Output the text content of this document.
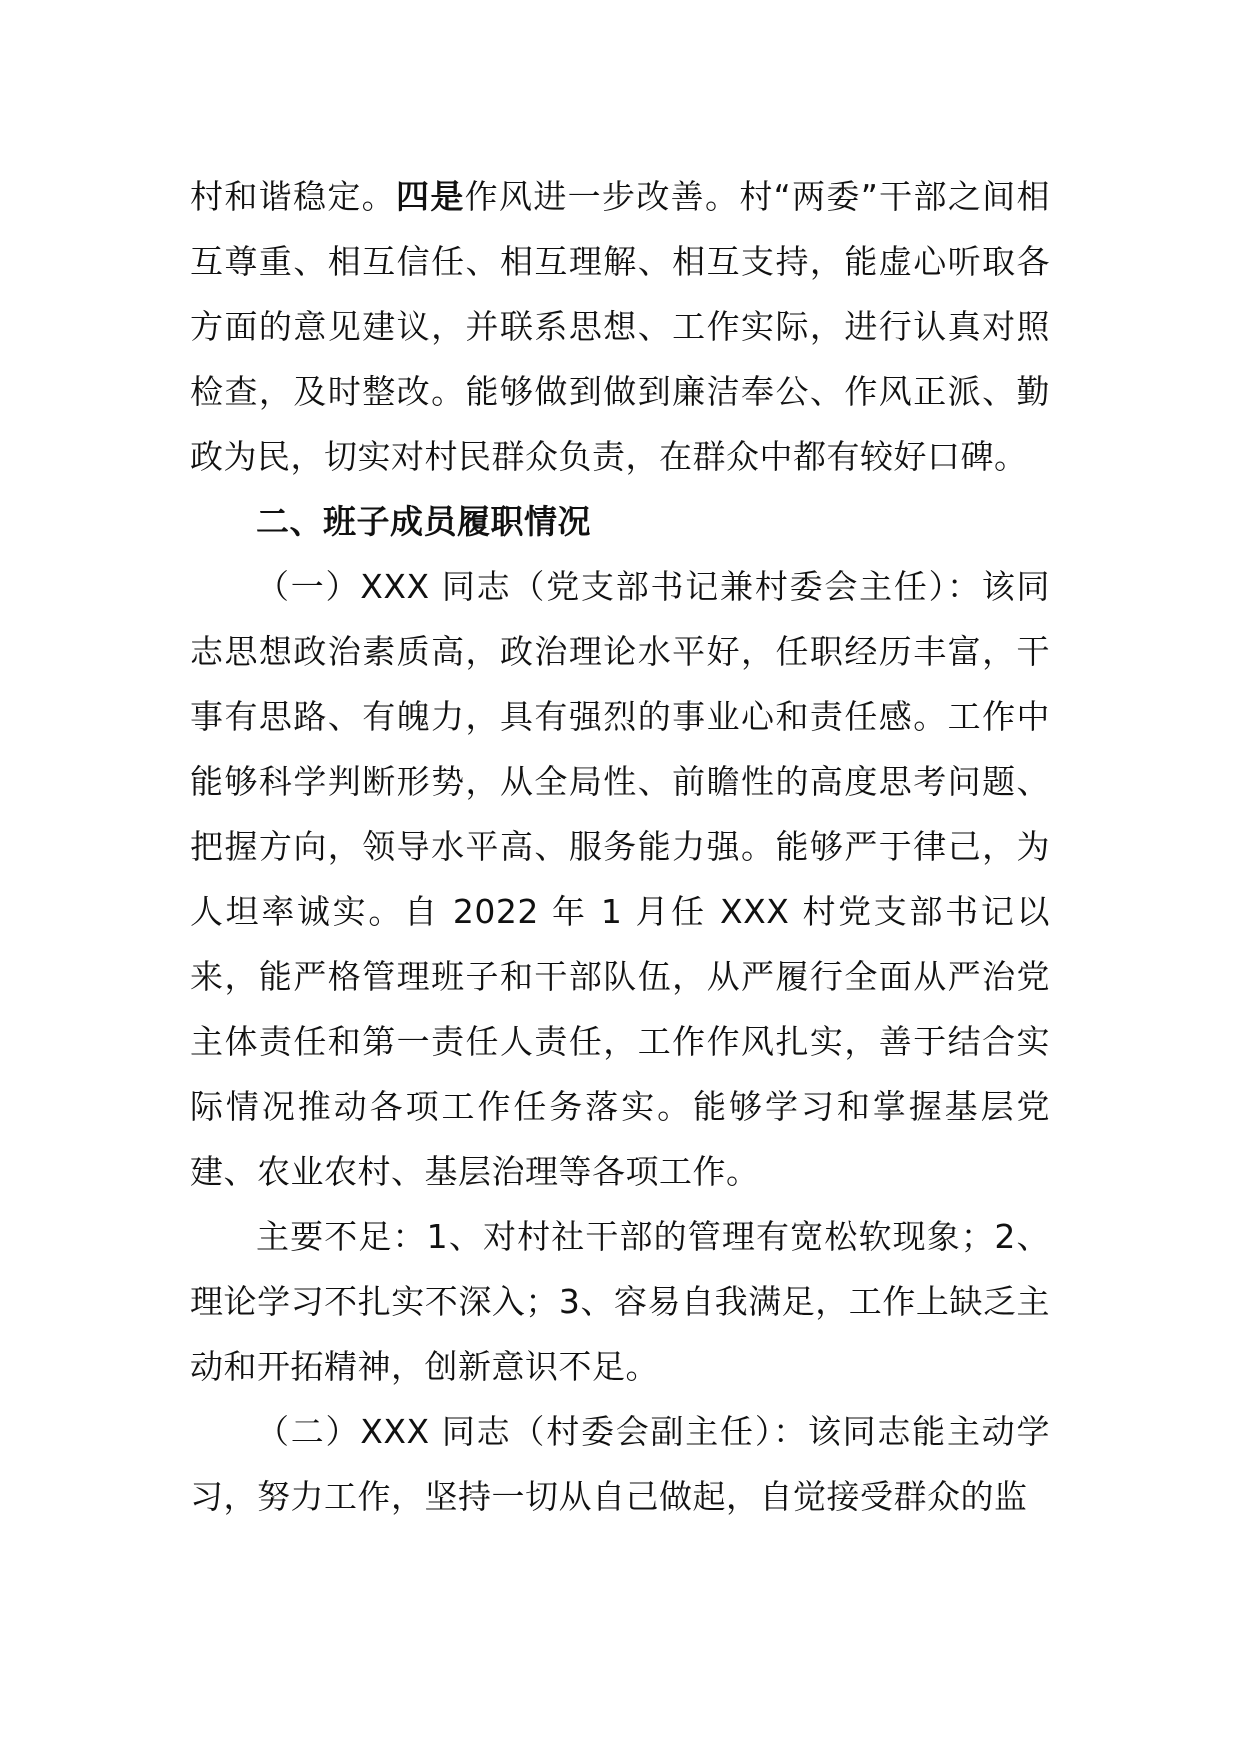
村和谐稳定。四是作风进一步改善。村“两委”干部之间相互尊重、相互信任、相互理解、相互支持，能虚心听取各方面的意见建议，并联系思想、工作实际，进行认真对照检查，及时整改。能够做到做到廉洁奉公、作风正派、勤政为民，切实对村民群众负责，在群众中都有较好口碑。

二、班子成员履职情况

（一）XXX 同志（党支部书记兼村委会主任）：该同志思想政治素质高，政治理论水平好，任职经历丰富，干事有思路、有魄力，具有强烈的事业心和责任感。工作中能够科学判断形势，从全局性、前瞻性的高度思考问题、把握方向，领导水平高、服务能力强。能够严于律己，为人坦率诚实。自 2022 年 1 月任 XXX 村党支部书记以来，能严格管理班子和干部队伍，从严履行全面从严治党主体责任和第一责任人责任，工作作风扎实，善于结合实际情况推动各项工作任务落实。能够学习和掌握基层党建、农业农村、基层治理等各项工作。

主要不足：1、对村社干部的管理有宽松软现象；2、理论学习不扎实不深入；3、容易自我满足，工作上缺乏主动和开拓精神，创新意识不足。

（二）XXX 同志（村委会副主任）：该同志能主动学习，努力工作，坚持一切从自己做起，自觉接受群众的监
